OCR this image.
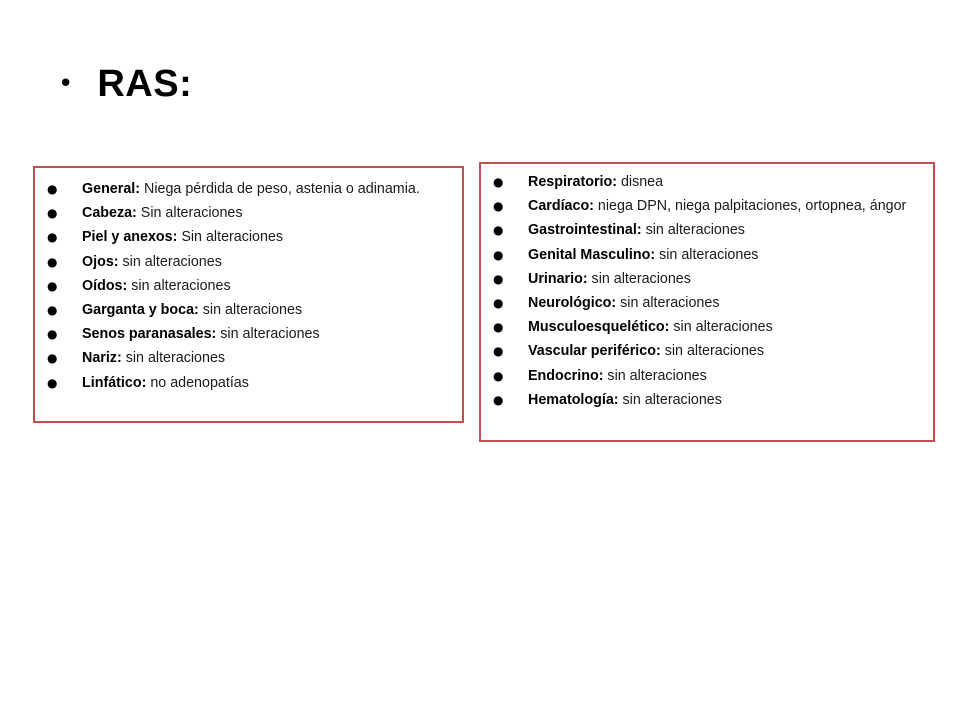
• RAS:
●	General: Niega pérdida de peso, astenia o adinamia.
●	Cabeza: Sin alteraciones
●	Piel y anexos: Sin alteraciones
●	Ojos: sin alteraciones
●	Oídos: sin alteraciones
●	Garganta y boca: sin alteraciones
●	Senos paranasales: sin alteraciones
●	Nariz: sin alteraciones
●	Linfático: no adenopatías
●	Respiratorio: disnea
●	Cardíaco: niega DPN, niega palpitaciones, ortopnea, ángor
●	Gastrointestinal: sin alteraciones
●	Genital Masculino: sin alteraciones
●	Urinario: sin alteraciones
●	Neurológico: sin alteraciones
●	Musculoesquelético: sin alteraciones
●	Vascular periférico: sin alteraciones
●	Endocrino: sin alteraciones
●	Hematología: sin alteraciones
